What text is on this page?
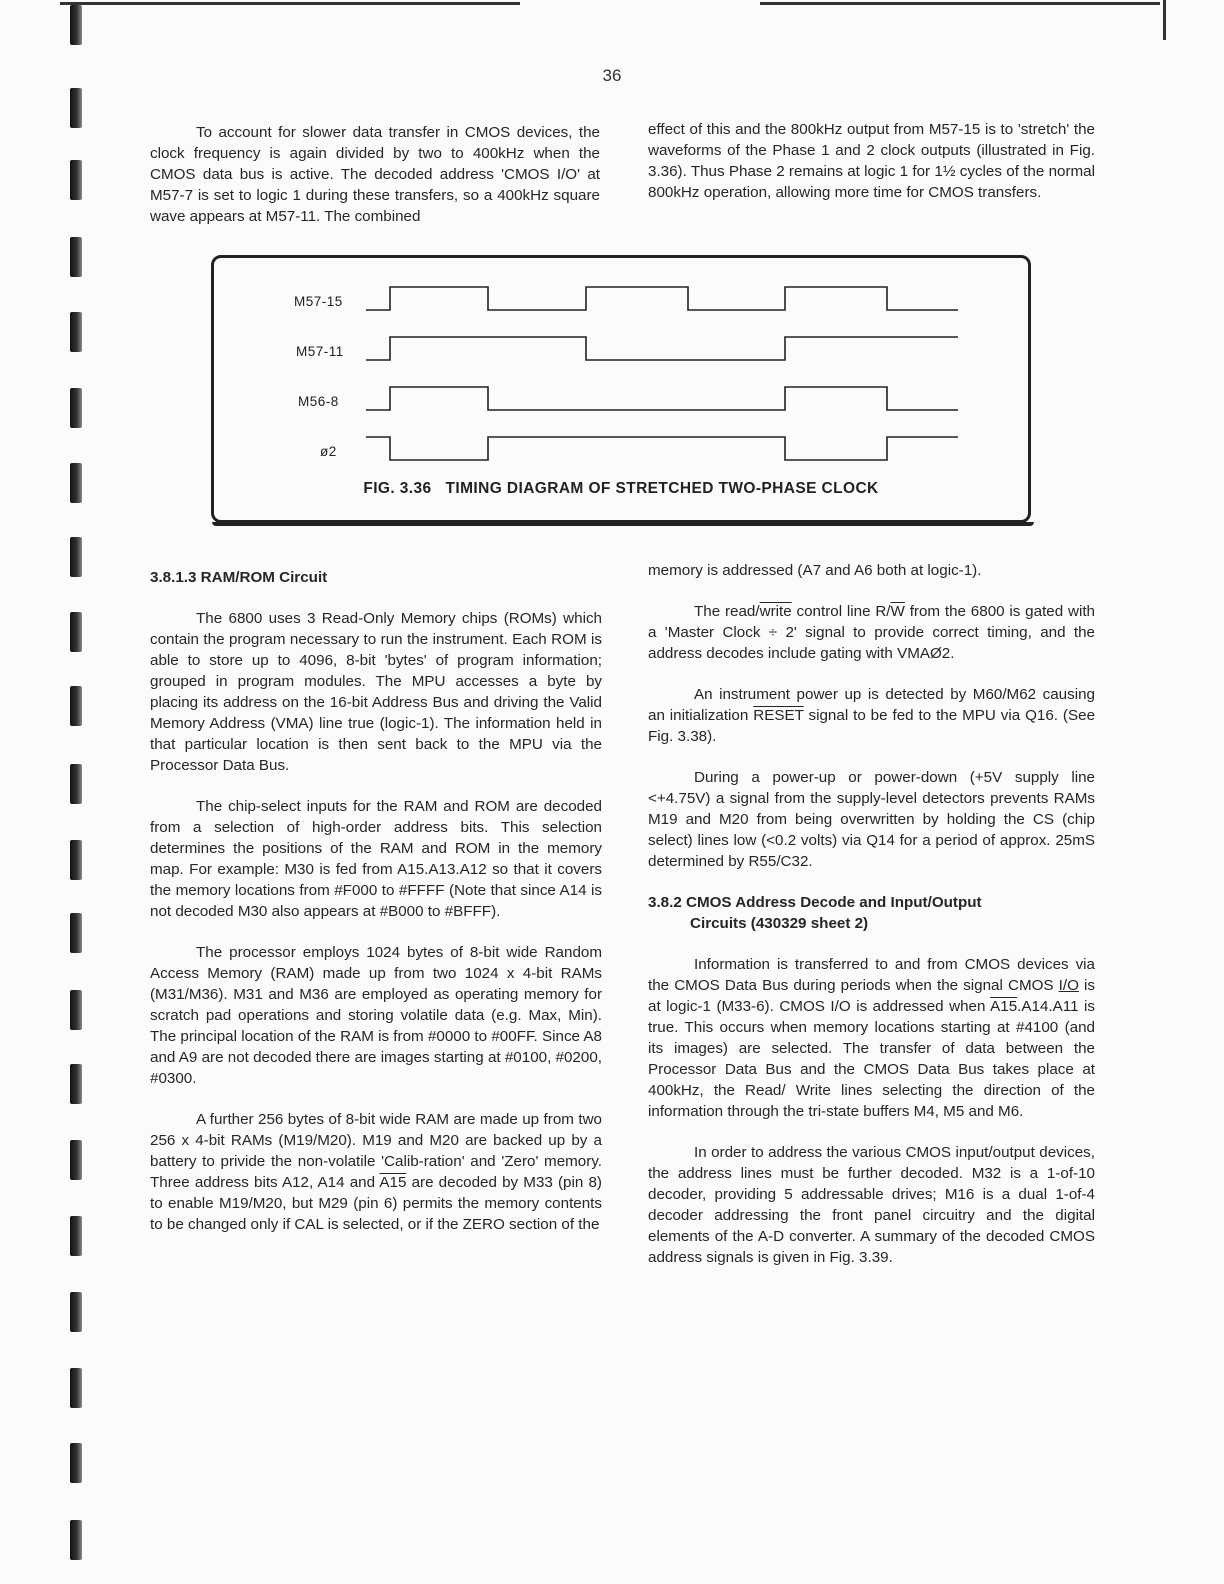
36

To account for slower data transfer in CMOS devices, the clock frequency is again divided by two to 400kHz when the CMOS data bus is active. The decoded address 'CMOS I/O' at M57-7 is set to logic 1 during these transfers, so a 400kHz square wave appears at M57-11. The combined

effect of this and the 800kHz output from M57-15 is to 'stretch' the waveforms of the Phase 1 and 2 clock outputs (illustrated in Fig. 3.36). Thus Phase 2 remains at logic 1 for 1½ cycles of the normal 800kHz operation, allowing more time for CMOS transfers.

M57-15
M57-11
M56-8
ø2
FIG. 3.36 TIMING DIAGRAM OF STRETCHED TWO-PHASE CLOCK
3.8.1.3 RAM/ROM Circuit

The 6800 uses 3 Read-Only Memory chips (ROMs) which contain the program necessary to run the instrument. Each ROM is able to store up to 4096, 8-bit 'bytes' of program information; grouped in program modules. The MPU accesses a byte by placing its address on the 16-bit Address Bus and driving the Valid Memory Address (VMA) line true (logic-1). The information held in that particular location is then sent back to the MPU via the Processor Data Bus.

The chip-select inputs for the RAM and ROM are decoded from a selection of high-order address bits. This selection determines the positions of the RAM and ROM in the memory map. For example: M30 is fed from A15.A13.A12 so that it covers the memory locations from #F000 to #FFFF (Note that since A14 is not decoded M30 also appears at #B000 to #BFFF).

The processor employs 1024 bytes of 8-bit wide Random Access Memory (RAM) made up from two 1024 x 4-bit RAMs (M31/M36). M31 and M36 are employed as operating memory for scratch pad operations and storing volatile data (e.g. Max, Min). The principal location of the RAM is from #0000 to #00FF. Since A8 and A9 are not decoded there are images starting at #0100, #0200, #0300.

A further 256 bytes of 8-bit wide RAM are made up from two 256 x 4-bit RAMs (M19/M20). M19 and M20 are backed up by a battery to privide the non-volatile 'Calib-ration' and 'Zero' memory. Three address bits A12, A14 and A15 are decoded by M33 (pin 8) to enable M19/M20, but M29 (pin 6) permits the memory contents to be changed only if CAL is selected, or if the ZERO section of the

memory is addressed (A7 and A6 both at logic-1).

The read/write control line $R/\overline{W}$ from the 6800 is gated with a 'Master Clock ÷ 2' signal to provide correct timing, and the address decodes include gating with VMAØ2.

An instrument power up is detected by M60/M62 causing an initialization RESET signal to be fed to the MPU via Q16. (See Fig. 3.38).

During a power-up or power-down (+5V supply line <+4.75V) a signal from the supply-level detectors prevents RAMs M19 and M20 from being overwritten by holding the CS (chip select) lines low (<0.2 volts) via Q14 for a period of approx. 25mS determined by R55/C32.

3.8.2 CMOS Address Decode and Input/Output
Circuits (430329 sheet 2)

Information is transferred to and from CMOS devices via the CMOS Data Bus during periods when the signal CMOS I/O is at logic-1 (M33-6). CMOS I/O is addressed when A15.A14.A11 is true. This occurs when memory locations starting at #4100 (and its images) are selected. The transfer of data between the Processor Data Bus and the CMOS Data Bus takes place at 400kHz, the Read/ Write lines selecting the direction of the information through the tri-state buffers M4, M5 and M6.

In order to address the various CMOS input/output devices, the address lines must be further decoded. M32 is a 1-of-10 decoder, providing 5 addressable drives; M16 is a dual 1-of-4 decoder addressing the front panel circuitry and the digital elements of the A-D converter. A summary of the decoded CMOS address signals is given in Fig. 3.39.
